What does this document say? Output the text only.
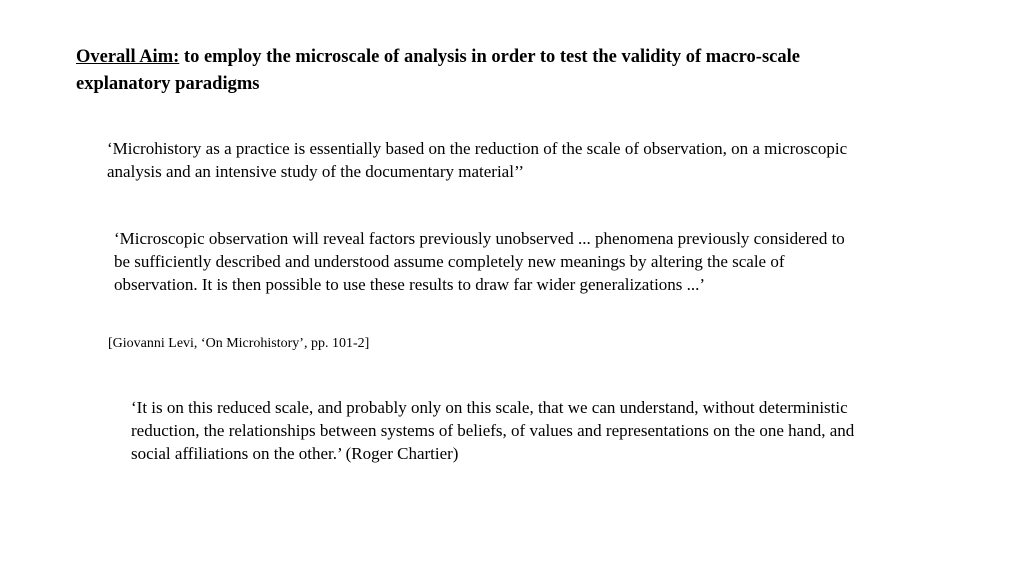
Overall Aim: to employ the microscale of analysis in order to test the validity of macro-scale explanatory paradigms
‘Microhistory as a practice is essentially based on the reduction of the scale of observation, on a microscopic analysis and an intensive study of the documentary material’’
‘Microscopic observation will reveal factors previously unobserved ... phenomena previously considered to be sufficiently described and understood assume completely new meanings by altering the scale of observation. It is then possible to use these results to draw far wider generalizations ...’
[Giovanni Levi, ‘On Microhistory’, pp. 101-2]
‘It is on this reduced scale, and probably only on this scale, that we can understand, without deterministic reduction, the relationships between systems of beliefs, of values and representations on the one hand, and social affiliations on the other.’ (Roger Chartier)
